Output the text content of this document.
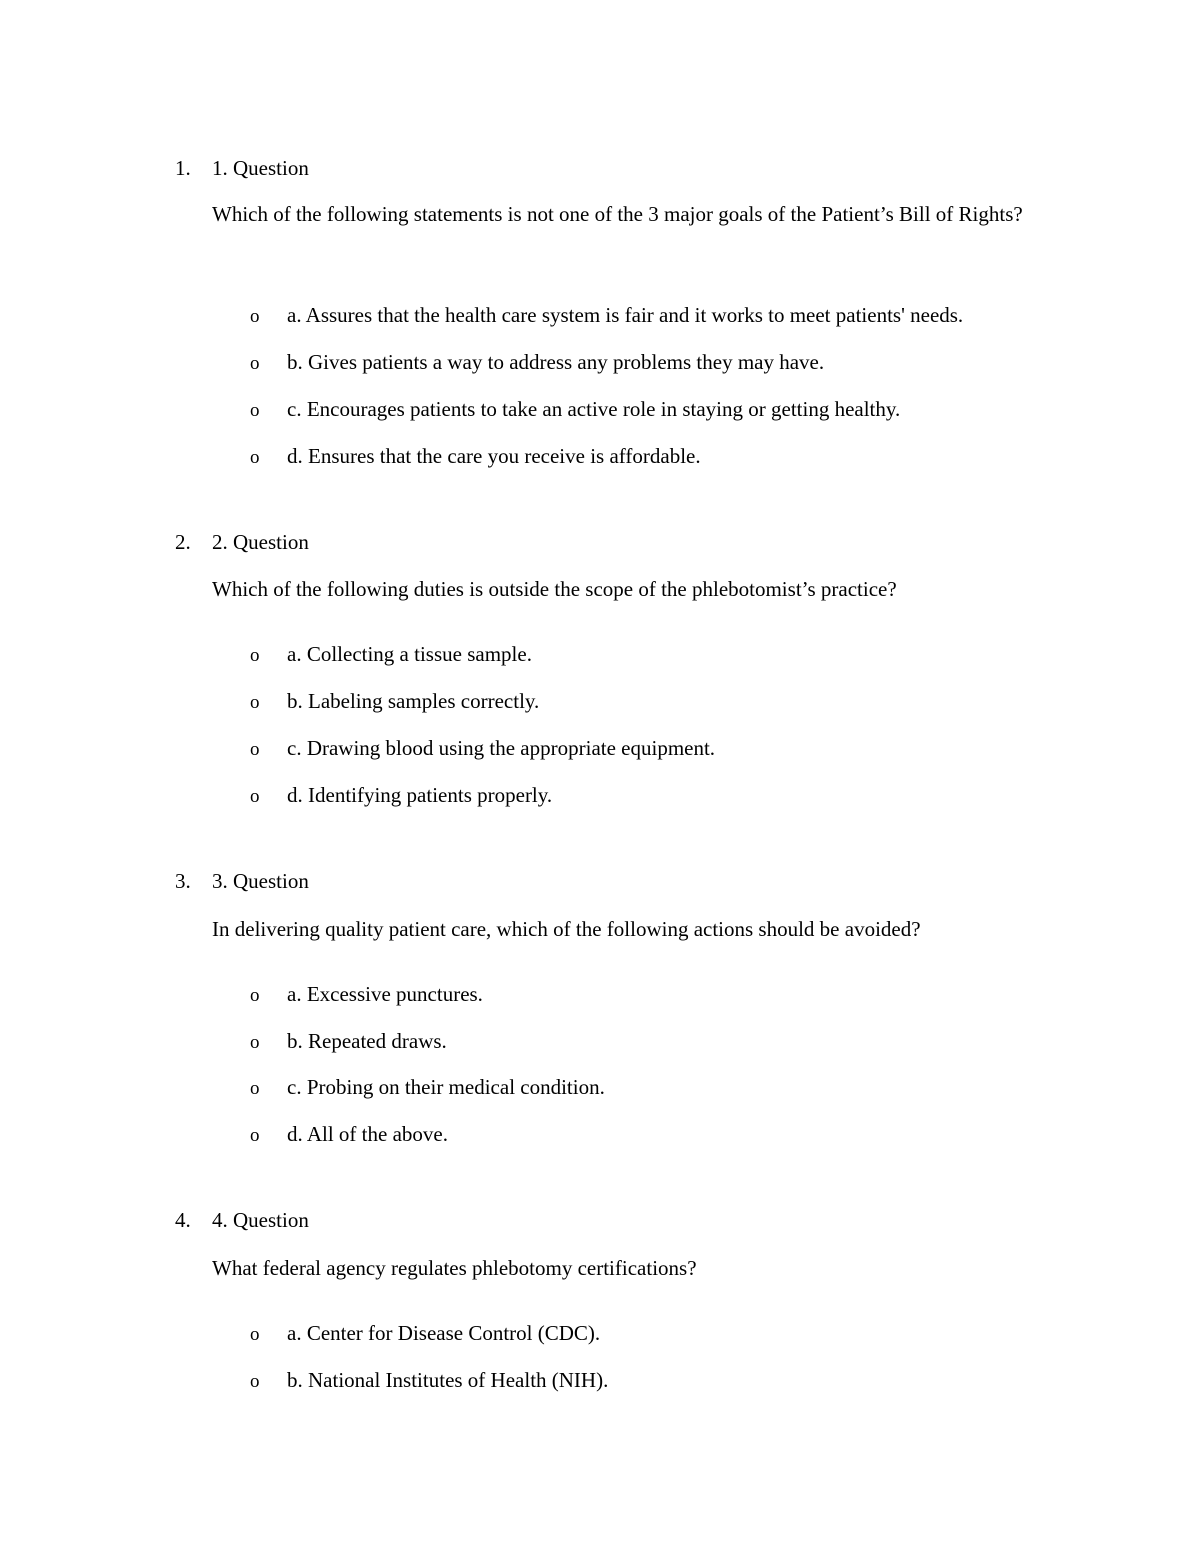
1. 1. Question
Which of the following statements is not one of the 3 major goals of the Patient’s Bill of Rights?
o a. Assures that the health care system is fair and it works to meet patients' needs.
o b. Gives patients a way to address any problems they may have.
o c. Encourages patients to take an active role in staying or getting healthy.
o d. Ensures that the care you receive is affordable.
2. 2. Question
Which of the following duties is outside the scope of the phlebotomist’s practice?
o a. Collecting a tissue sample.
o b. Labeling samples correctly.
o c. Drawing blood using the appropriate equipment.
o d. Identifying patients properly.
3. 3. Question
In delivering quality patient care, which of the following actions should be avoided?
o a. Excessive punctures.
o b. Repeated draws.
o c. Probing on their medical condition.
o d. All of the above.
4. 4. Question
What federal agency regulates phlebotomy certifications?
o a. Center for Disease Control (CDC).
o b. National Institutes of Health (NIH).
